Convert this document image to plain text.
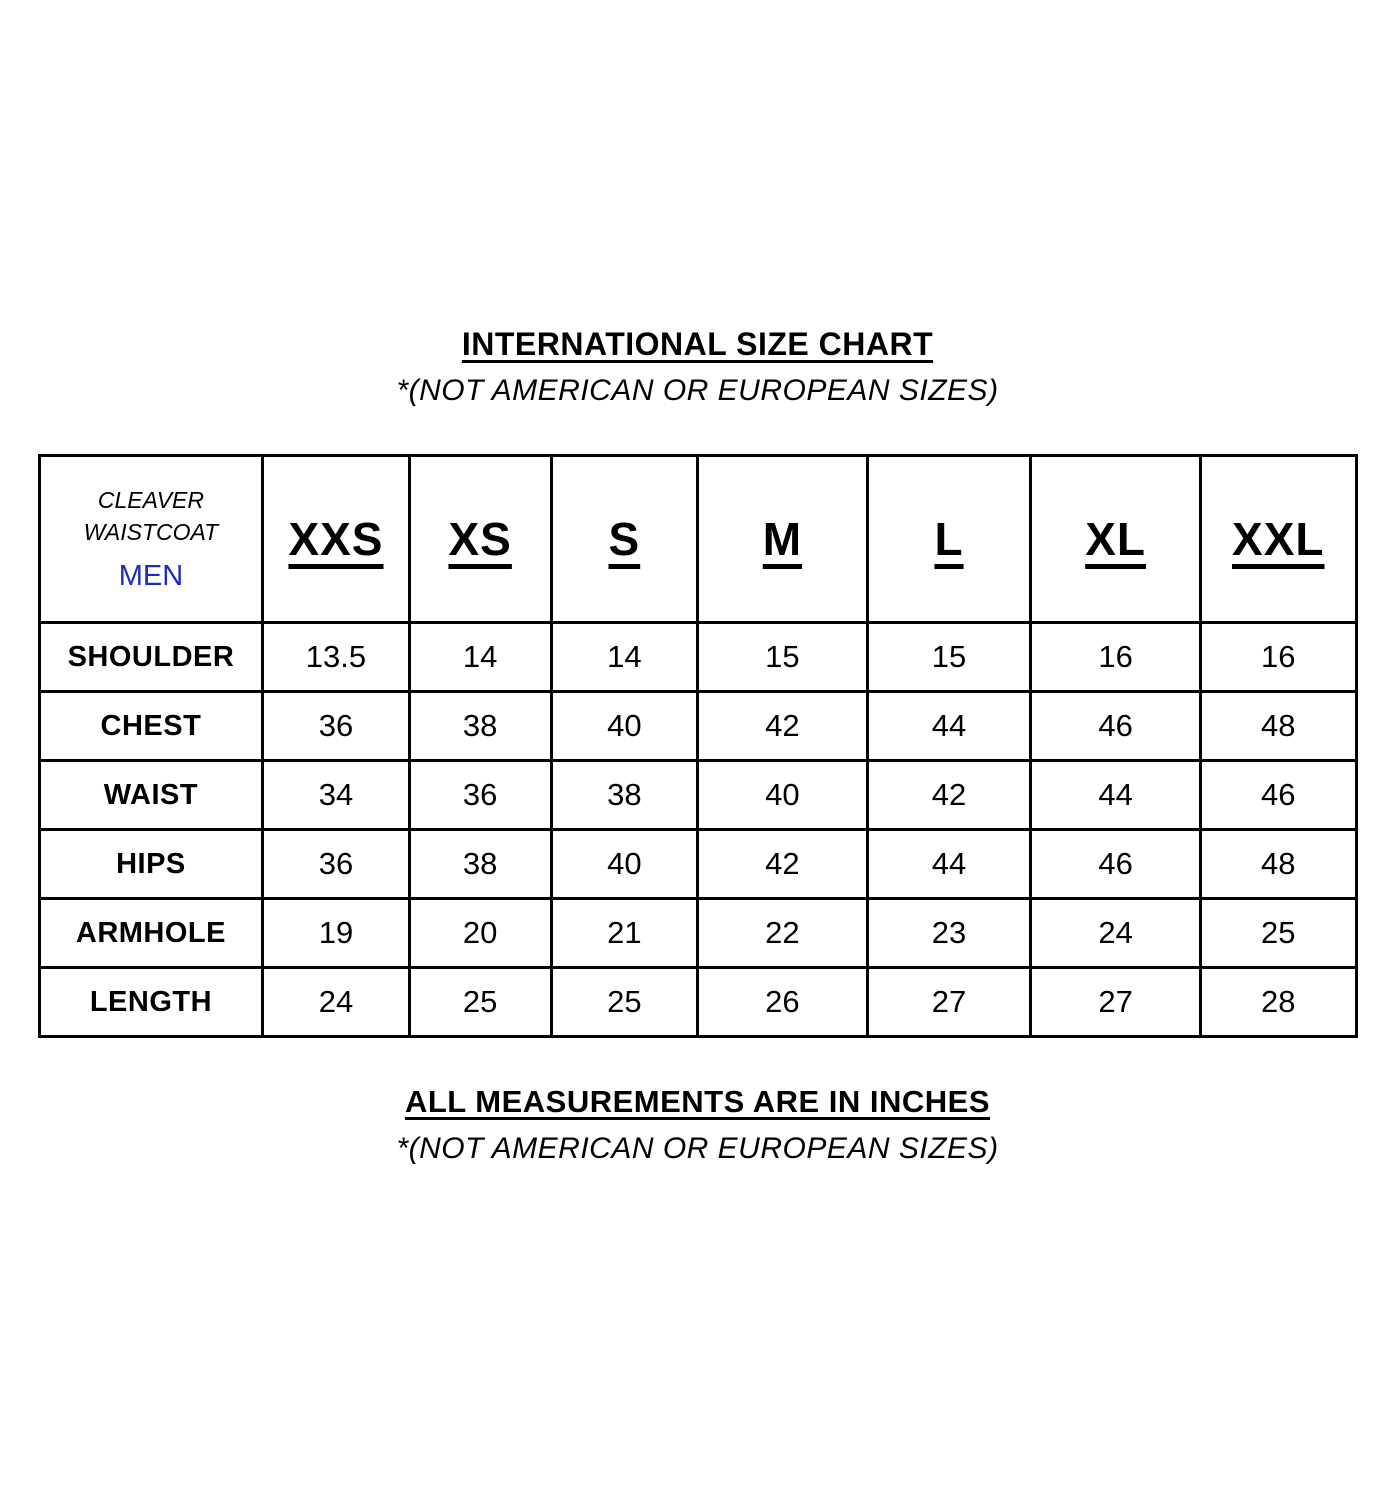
INTERNATIONAL SIZE CHART

*(NOT AMERICAN OR EUROPEAN SIZES)

CLEAVER
WAISTCOAT
MEN	XXS	XS	S	M	L	XL	XXL
SHOULDER	13.5	14	14	15	15	16	16
CHEST	36	38	40	42	44	46	48
WAIST	34	36	38	40	42	44	46
HIPS	36	38	40	42	44	46	48
ARMHOLE	19	20	21	22	23	24	25
LENGTH	24	25	25	26	27	27	28

ALL MEASUREMENTS ARE IN INCHES

*(NOT AMERICAN OR EUROPEAN SIZES)
